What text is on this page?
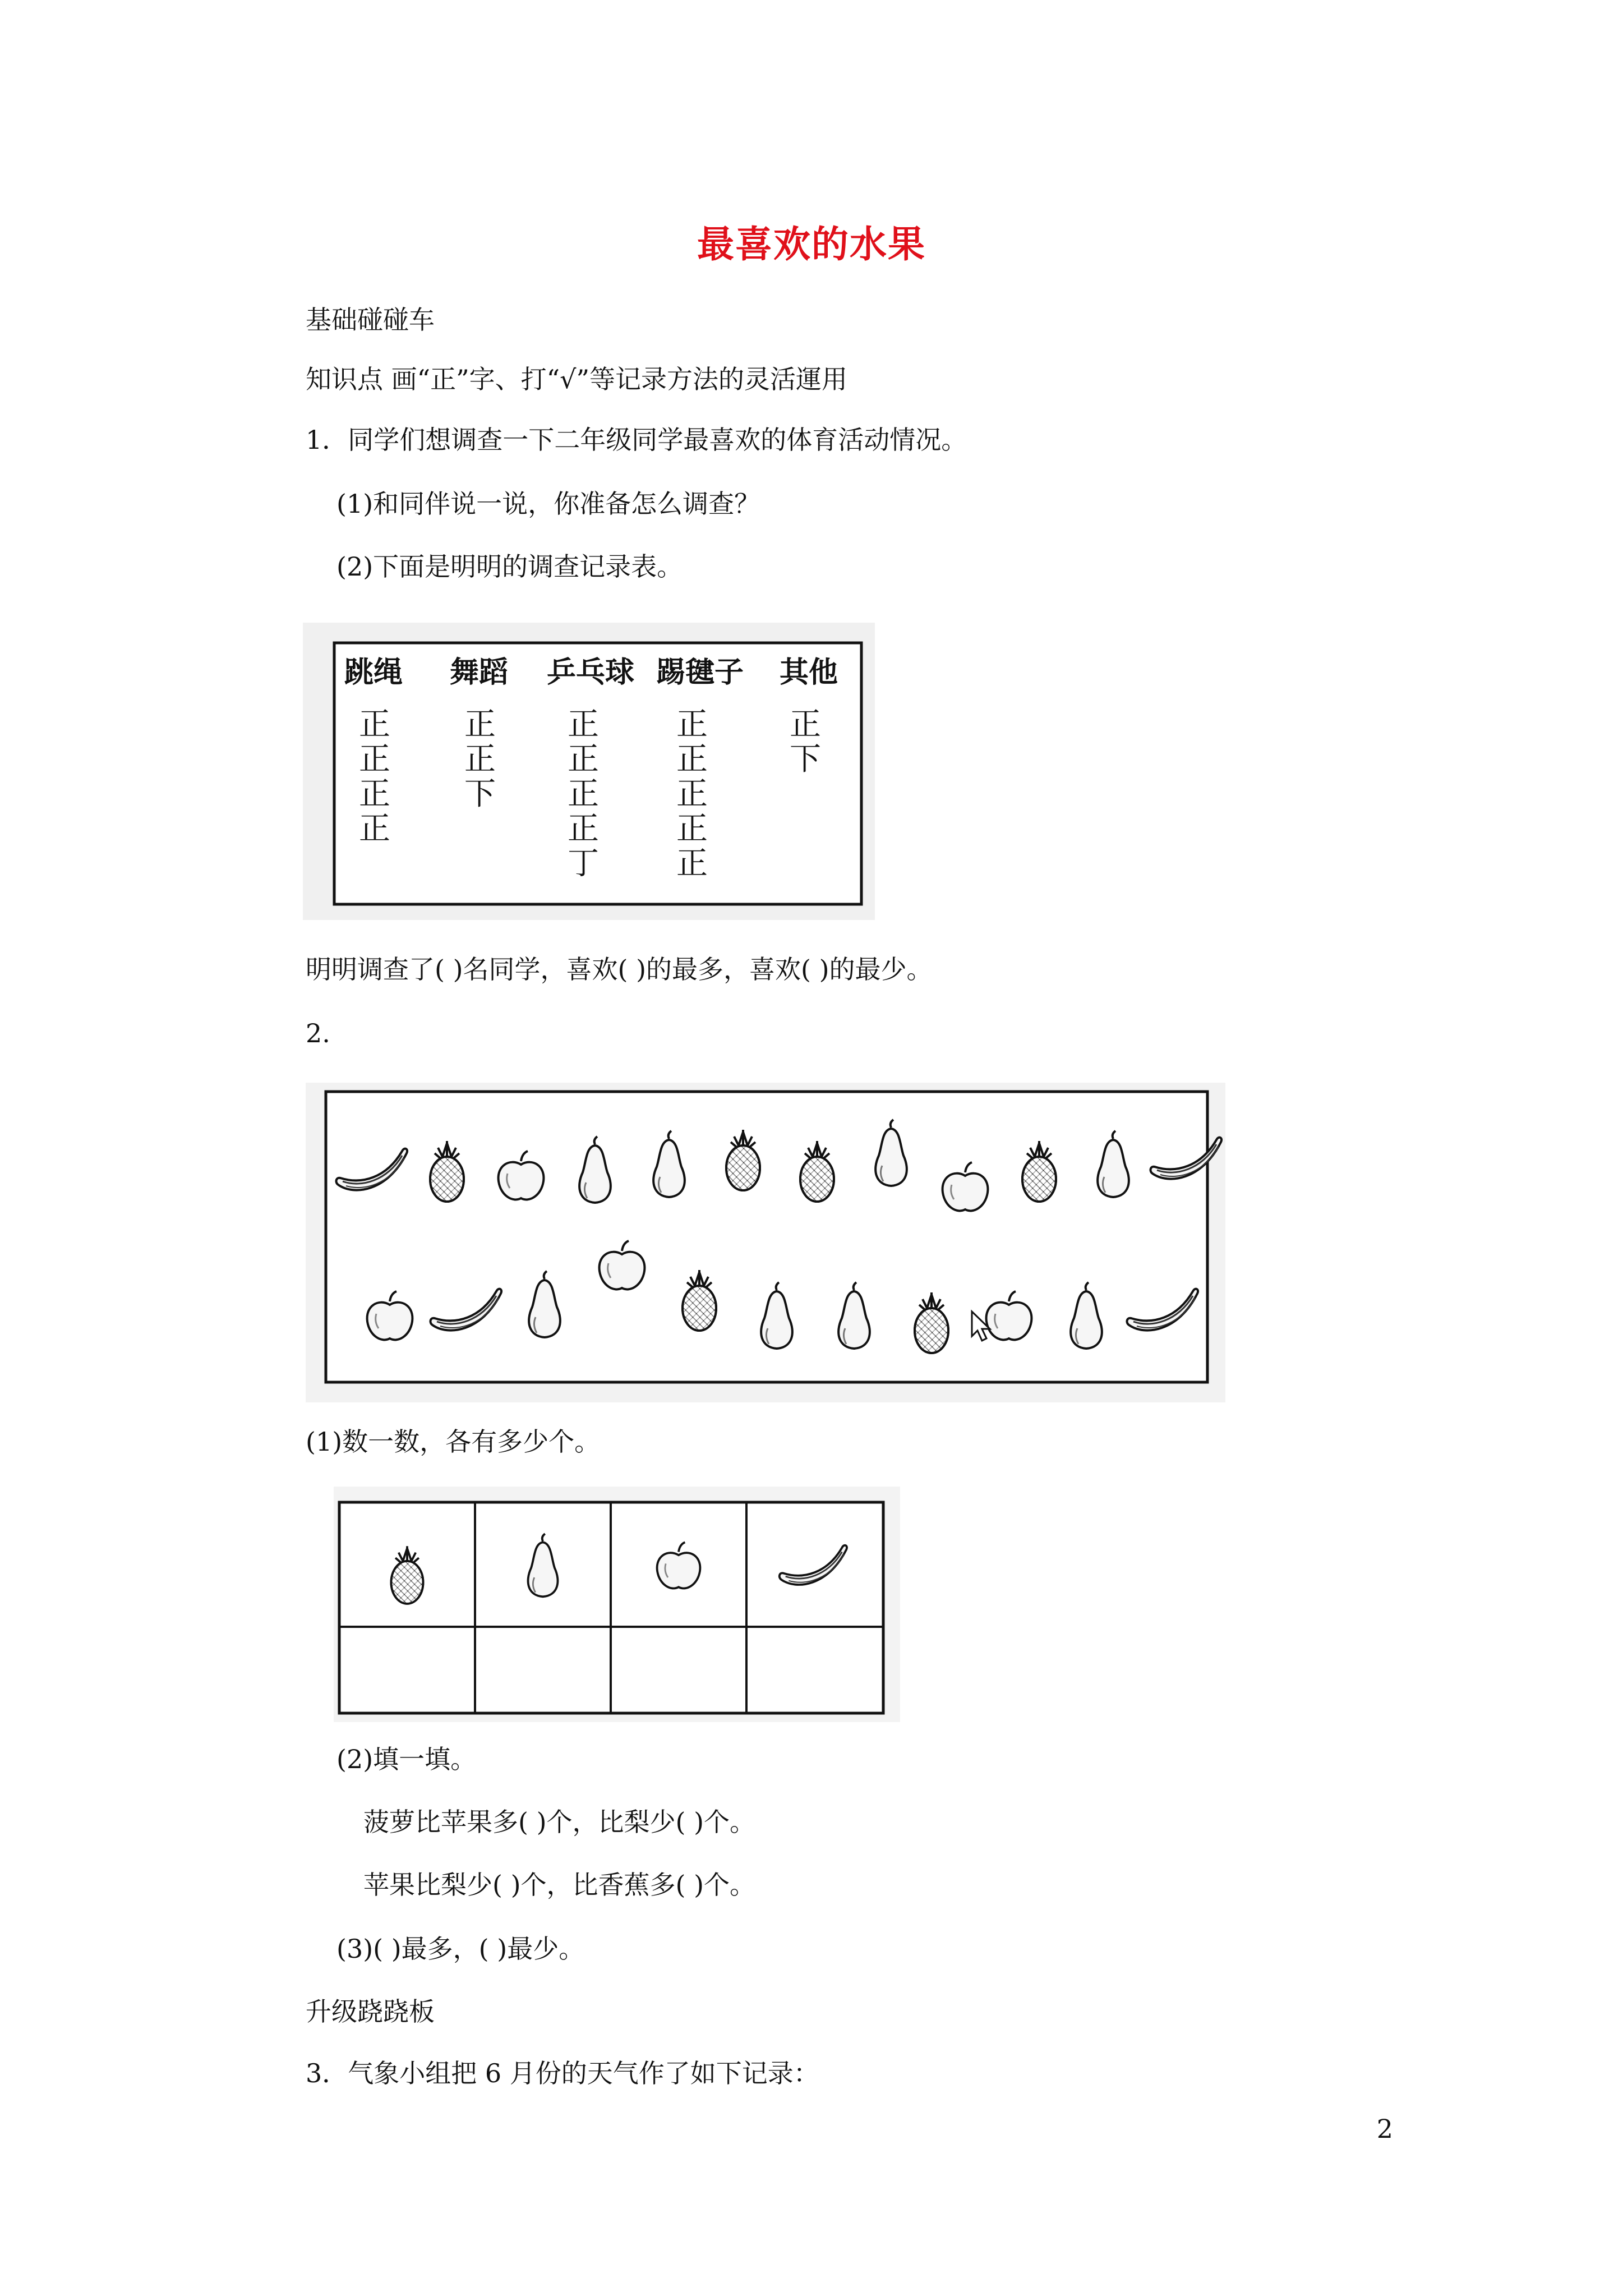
最喜欢的水果
基础碰碰车
知识点 画“正”字、打“√”等记录方法的灵活運用
1．同学们想调查一下二年级同学最喜欢的体育活动情况。
(1)和同伴说一说，你准备怎么调查？
(2)下面是明明的调查记录表。
跳绳 舞蹈 乒乓球 踢毽子 其他
正
正
正
正
正
正
下
正
正
正
正
丁
正
正
正
正
正
正
下
明明调查了( )名同学，喜欢( )的最多，喜欢( )的最少。
2.
(1)数一数，各有多少个。
(2)填一填。
菠萝比苹果多( )个，比梨少( )个。
苹果比梨少( )个，比香蕉多( )个。
(3)( )最多，( )最少。
升级跷跷板
3．气象小组把 6 月份的天气作了如下记录：
2
